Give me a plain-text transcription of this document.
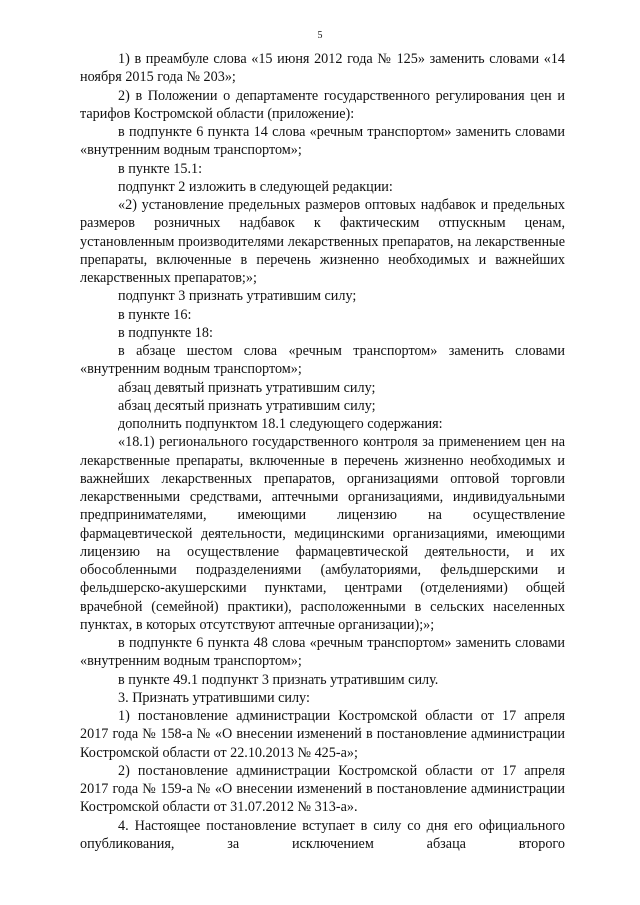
5

1) в преамбуле слова «15 июня 2012 года № 125» заменить словами «14 ноября 2015 года № 203»;

2) в Положении о департаменте государственного регулирования цен и тарифов Костромской области (приложение):

в подпункте 6 пункта 14 слова «речным транспортом» заменить словами «внутренним водным транспортом»;

в пункте 15.1:

подпункт 2 изложить в следующей редакции:

«2) установление предельных размеров оптовых надбавок и предельных размеров розничных надбавок к фактическим отпускным ценам, установленным производителями лекарственных препаратов, на лекарственные препараты, включенные в перечень жизненно необходимых и важнейших лекарственных препаратов;»;

подпункт 3 признать утратившим силу;

в пункте 16:

в подпункте 18:

в абзаце шестом слова «речным транспортом» заменить словами «внутренним водным транспортом»;

абзац девятый признать утратившим силу;

абзац десятый признать утратившим силу;

дополнить подпунктом 18.1 следующего содержания:

«18.1) регионального государственного контроля за применением цен на лекарственные препараты, включенные в перечень жизненно необходимых и важнейших лекарственных препаратов, организациями оптовой торговли лекарственными средствами, аптечными организациями, индивидуальными предпринимателями, имеющими лицензию на осуществление фармацевтической деятельности, медицинскими организациями, имеющими лицензию на осуществление фармацевтической деятельности, и их обособленными подразделениями (амбулаториями, фельдшерскими и фельдшерско-акушерскими пунктами, центрами (отделениями) общей врачебной (семейной) практики), расположенными в сельских населенных пунктах, в которых отсутствуют аптечные организации);»;

в подпункте 6 пункта 48 слова «речным транспортом» заменить словами «внутренним водным транспортом»;

в пункте 49.1 подпункт 3 признать утратившим силу.

3. Признать утратившими силу:

1) постановление администрации Костромской области от 17 апреля 2017 года № 158-а № «О внесении изменений в постановление администрации Костромской области от 22.10.2013 № 425-а»;

2) постановление администрации Костромской области от 17 апреля 2017 года № 159-а № «О внесении изменений в постановление администрации Костромской области от 31.07.2012 № 313-а».

4. Настоящее постановление вступает в силу со дня его официального опубликования, за исключением абзаца второго
